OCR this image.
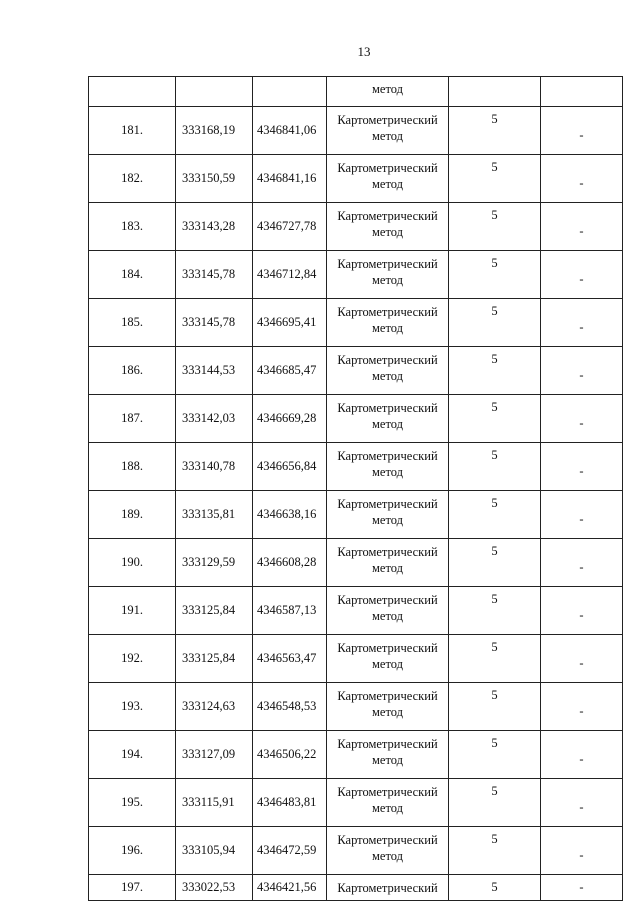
13
			метод		
181.	333168,19	4346841,06	Картометрический
метод	5	-
182.	333150,59	4346841,16	Картометрический
метод	5	-
183.	333143,28	4346727,78	Картометрический
метод	5	-
184.	333145,78	4346712,84	Картометрический
метод	5	-
185.	333145,78	4346695,41	Картометрический
метод	5	-
186.	333144,53	4346685,47	Картометрический
метод	5	-
187.	333142,03	4346669,28	Картометрический
метод	5	-
188.	333140,78	4346656,84	Картометрический
метод	5	-
189.	333135,81	4346638,16	Картометрический
метод	5	-
190.	333129,59	4346608,28	Картометрический
метод	5	-
191.	333125,84	4346587,13	Картометрический
метод	5	-
192.	333125,84	4346563,47	Картометрический
метод	5	-
193.	333124,63	4346548,53	Картометрический
метод	5	-
194.	333127,09	4346506,22	Картометрический
метод	5	-
195.	333115,91	4346483,81	Картометрический
метод	5	-
196.	333105,94	4346472,59	Картометрический
метод	5	-
197.	333022,53	4346421,56	Картометрический	5	-
